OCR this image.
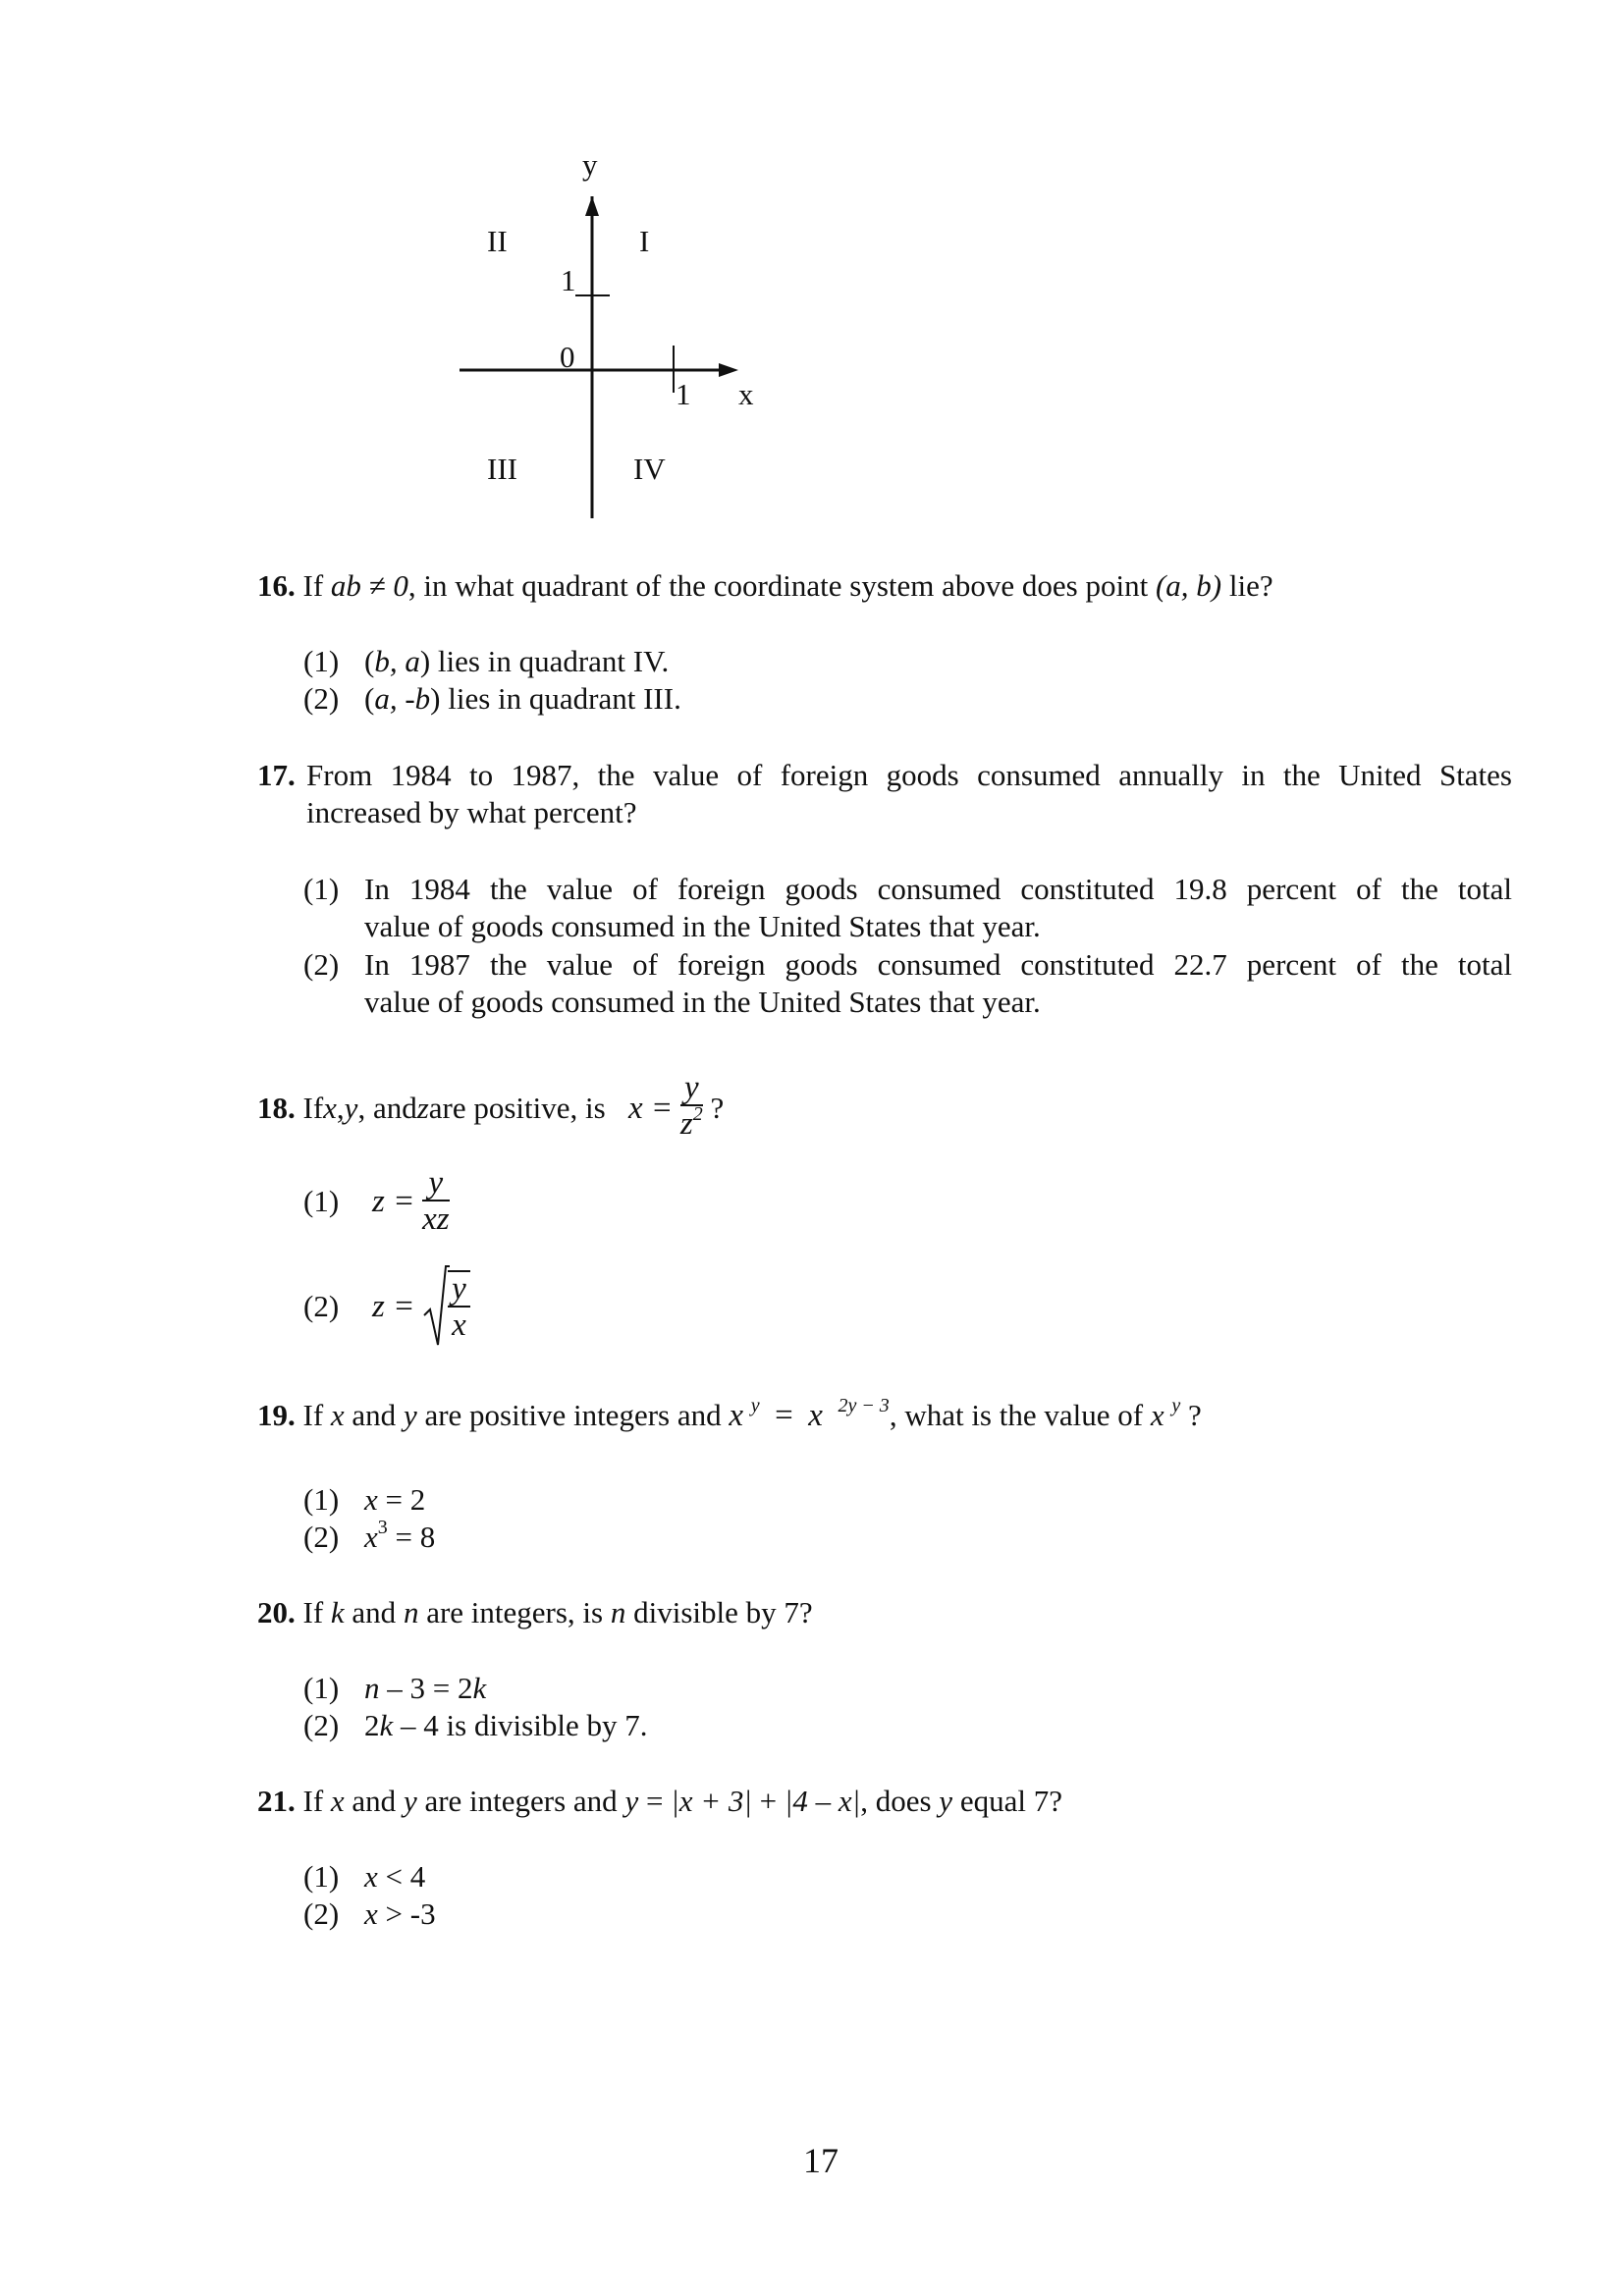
y
II	I
1
0
1 x
III	IV
16. If ab ≠ 0, in what quadrant of the coordinate system above does point (a, b) lie?
(1) (b, a) lies in quadrant IV.
(2) (a, -b) lies in quadrant III.
17. From 1984 to 1987, the value of foreign goods consumed annually in the United States
increased by what percent?
(1) In 1984 the value of foreign goods consumed constituted 19.8 percent of the total
value of goods consumed in the United States that year.
(2) In 1987 the value of foreign goods consumed constituted 22.7 percent of the total
value of goods consumed in the United States that year.
18.
If x , y , and z are positive, is

x =
$\frac{y}{z^2}$
?
(1)	z =
$\frac{y}{xz}$
(2)	z =
$\frac{y}{x}$
19. If x and y are positive integers and x $^y$ = x $^{2y - 3}$, what is the value of x $^y$ ?
(1) x = 2
(2) $x^3 = 8$
20. If k and n are integers, is n divisible by 7?
(1) n – 3 = 2k
(2) 2k – 4 is divisible by 7.
21. If x and y are integers and y = |x + 3| + |4 – x|, does y equal 7?
(1) x < 4
(2) x > -3
17
